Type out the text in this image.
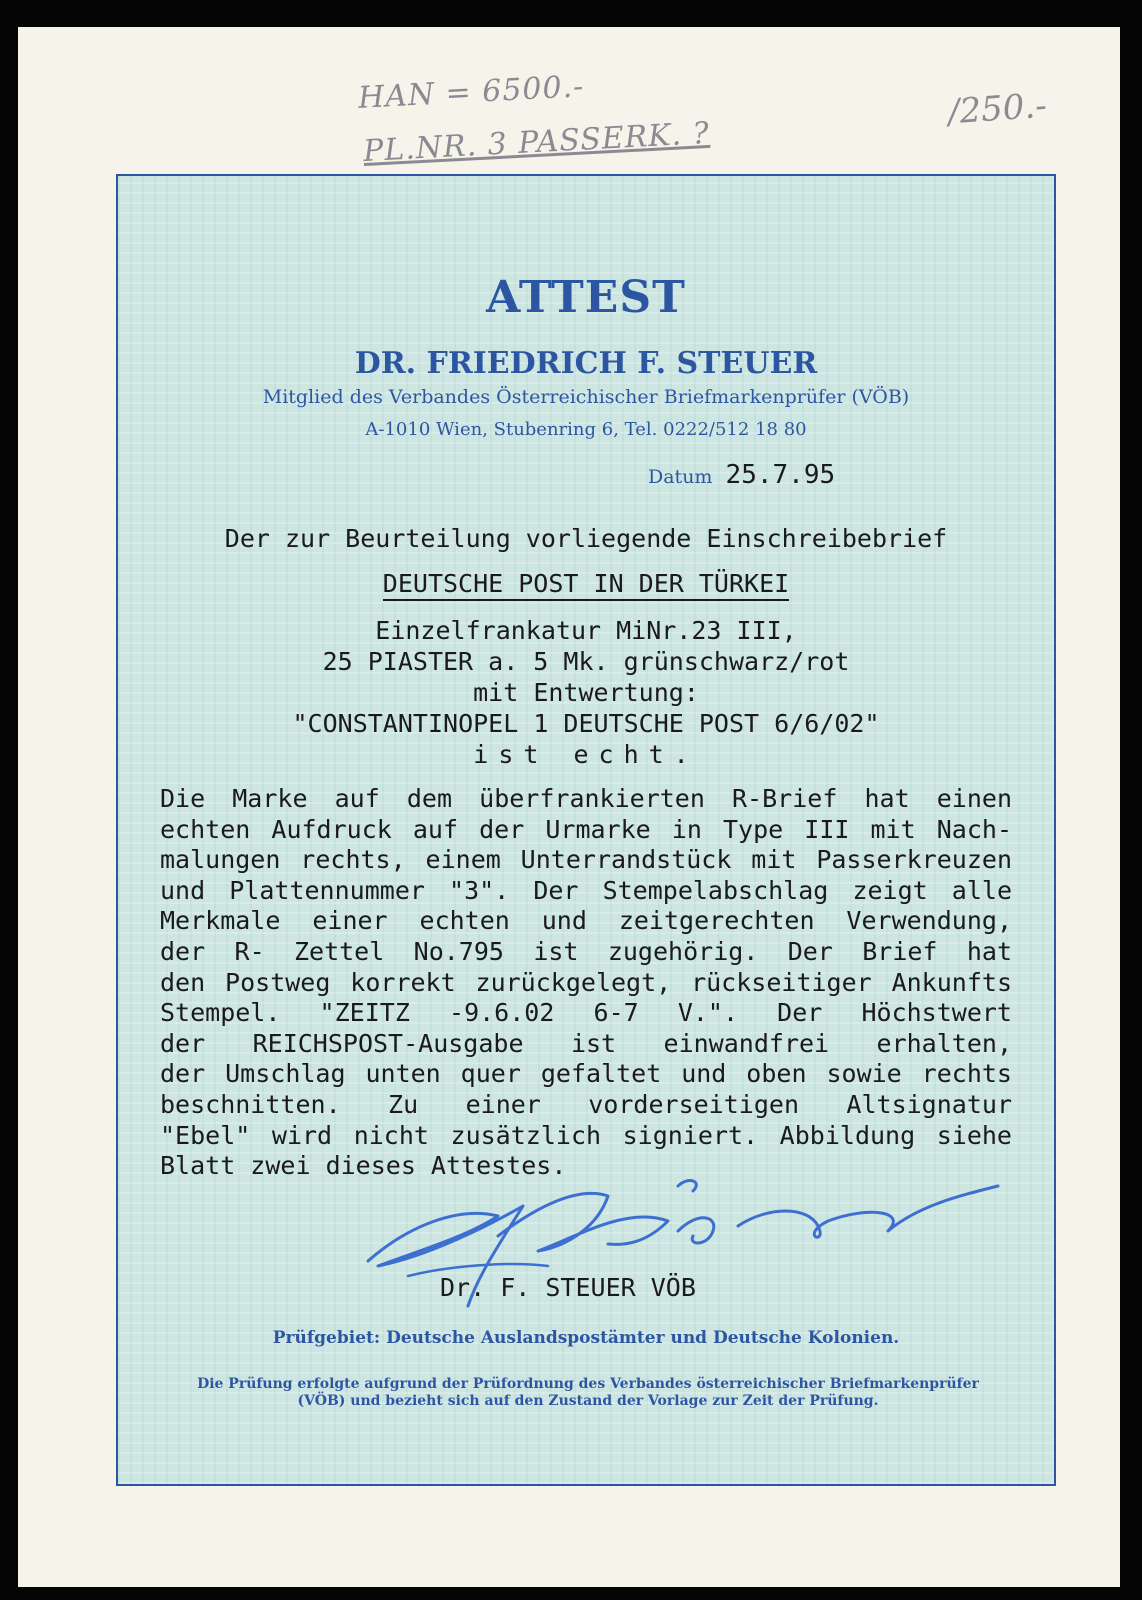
HAN = 6500.-
PL.NR. 3 PASSERK. ?
/250.-
ATTEST
DR. FRIEDRICH F. STEUER
Mitglied des Verbandes Österreichischer Briefmarkenprüfer (VÖB)
A-1010 Wien, Stubenring 6, Tel. 0222/512 18 80
Datum 25.7.95
Der zur Beurteilung vorliegende Einschreibebrief
DEUTSCHE POST IN DER TÜRKEI
Einzelfrankatur MiNr.23 III,
25 PIASTER a. 5 Mk. grünschwarz/rot
mit Entwertung:
"CONSTANTINOPEL 1 DEUTSCHE POST 6/6/02"
ist echt.
Die Marke auf dem überfrankierten R-Brief hat einen
echten Aufdruck auf der Urmarke in Type III mit Nach-
malungen rechts, einem Unterrandstück mit Passerkreuzen
und Plattennummer "3". Der Stempelabschlag zeigt alle
Merkmale einer echten und zeitgerechten Verwendung,
der R- Zettel No.795 ist zugehörig. Der Brief hat
den Postweg korrekt zurückgelegt, rückseitiger Ankunfts
Stempel. "ZEITZ -9.6.02 6-7 V.". Der Höchstwert
der REICHSPOST-Ausgabe ist einwandfrei erhalten,
der Umschlag unten quer gefaltet und oben sowie rechts
beschnitten. Zu einer vorderseitigen Altsignatur
"Ebel" wird nicht zusätzlich signiert. Abbildung siehe
Blatt zwei dieses Attestes.
Dr. F. STEUER VÖB
Prüfgebiet: Deutsche Auslandspostämter und Deutsche Kolonien.
Die Prüfung erfolgte aufgrund der Prüfordnung des Verbandes österreichischer Briefmarkenprüfer (VÖB) und bezieht sich auf den Zustand der Vorlage zur Zeit der Prüfung.
